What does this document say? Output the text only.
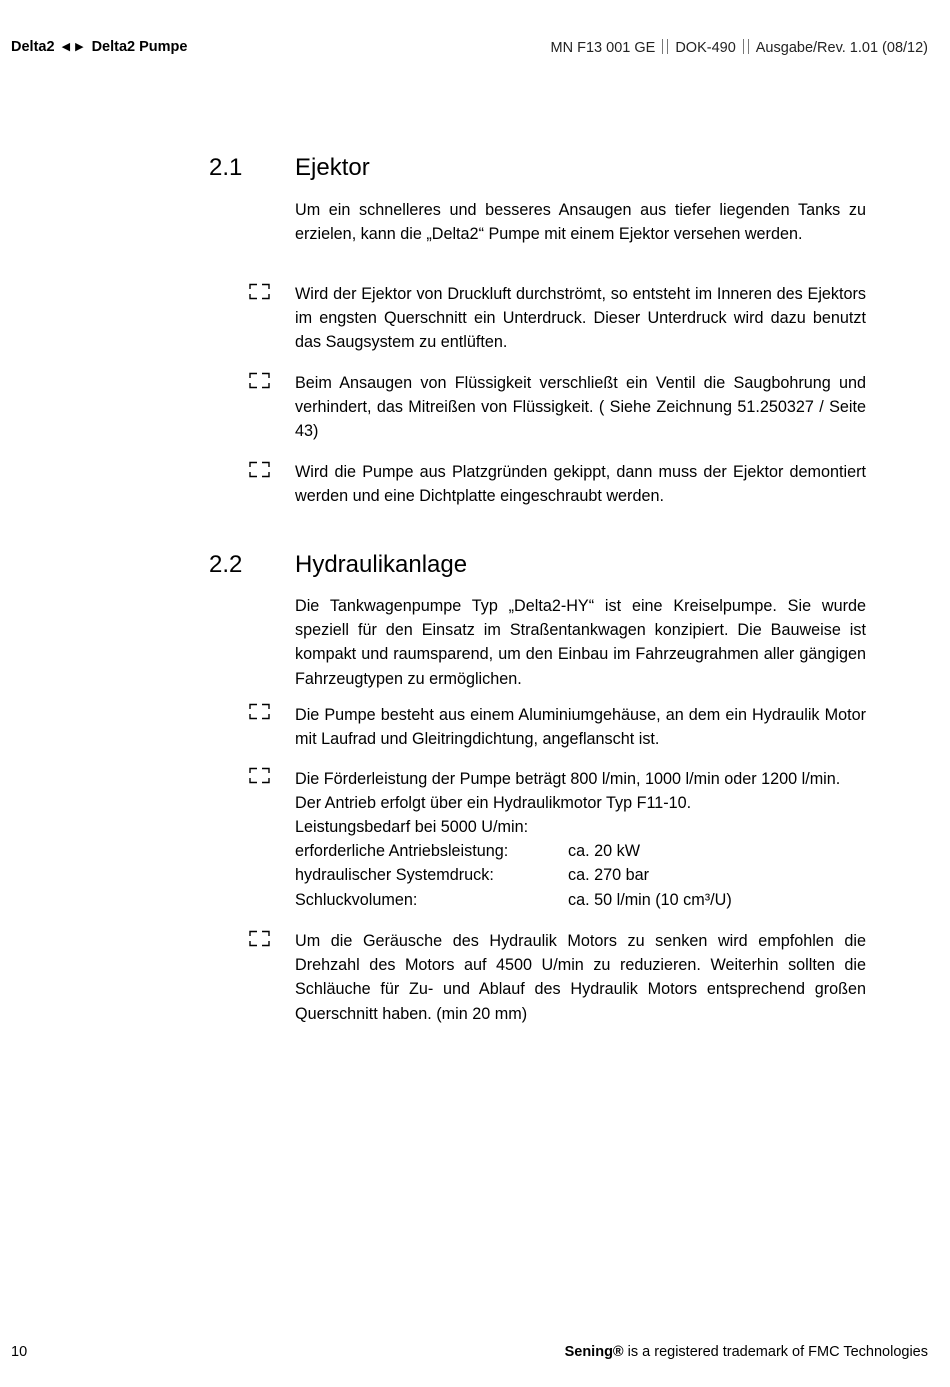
Delta2 ◀ ▶ Delta2 Pumpe	MN F13 001 GE DOK-490 Ausgabe/Rev. 1.01 (08/12)
2.1 Ejektor
Um ein schnelleres und besseres Ansaugen aus tiefer liegenden Tanks zu erzielen, kann die „Delta2“ Pumpe mit einem Ejektor versehen werden.
Wird der Ejektor von Druckluft durchströmt, so entsteht im Inneren des Ejektors im engsten Querschnitt ein Unterdruck. Dieser Unterdruck wird dazu benutzt das Saugsystem zu entlüften.
Beim Ansaugen von Flüssigkeit verschließt ein Ventil die Saugbohrung und verhindert, das Mitreißen von Flüssigkeit. ( Siehe Zeichnung 51.250327 / Seite 43)
Wird die Pumpe aus Platzgründen gekippt, dann muss der Ejektor demontiert werden und eine Dichtplatte eingeschraubt werden.
2.2 Hydraulikanlage
Die Tankwagenpumpe Typ „Delta2-HY“ ist eine Kreiselpumpe. Sie wurde speziell für den Einsatz im Straßentankwagen konzipiert. Die Bauweise ist kompakt und raumsparend, um den Einbau im Fahrzeugrahmen aller gängigen Fahrzeugtypen zu ermöglichen.
Die Pumpe besteht aus einem Aluminiumgehäuse, an dem ein Hydraulik Motor mit Laufrad und Gleitringdichtung, angeflanscht ist.
Die Förderleistung der Pumpe beträgt 800 l/min, 1000 l/min oder 1200 l/min. Der Antrieb erfolgt über ein Hydraulikmotor Typ F11-10.
Leistungsbedarf bei 5000 U/min:
erforderliche Antriebsleistung:	ca. 20 kW
hydraulischer Systemdruck:	ca. 270 bar
Schluckvolumen:	ca. 50 l/min (10 cm³/U)
Um die Geräusche des Hydraulik Motors zu senken wird empfohlen die Drehzahl des Motors auf 4500 U/min zu reduzieren. Weiterhin sollten die Schläuche für Zu- und Ablauf des Hydraulik Motors entsprechend großen Querschnitt haben. (min 20 mm)
10	Sening® is a registered trademark of FMC Technologies
